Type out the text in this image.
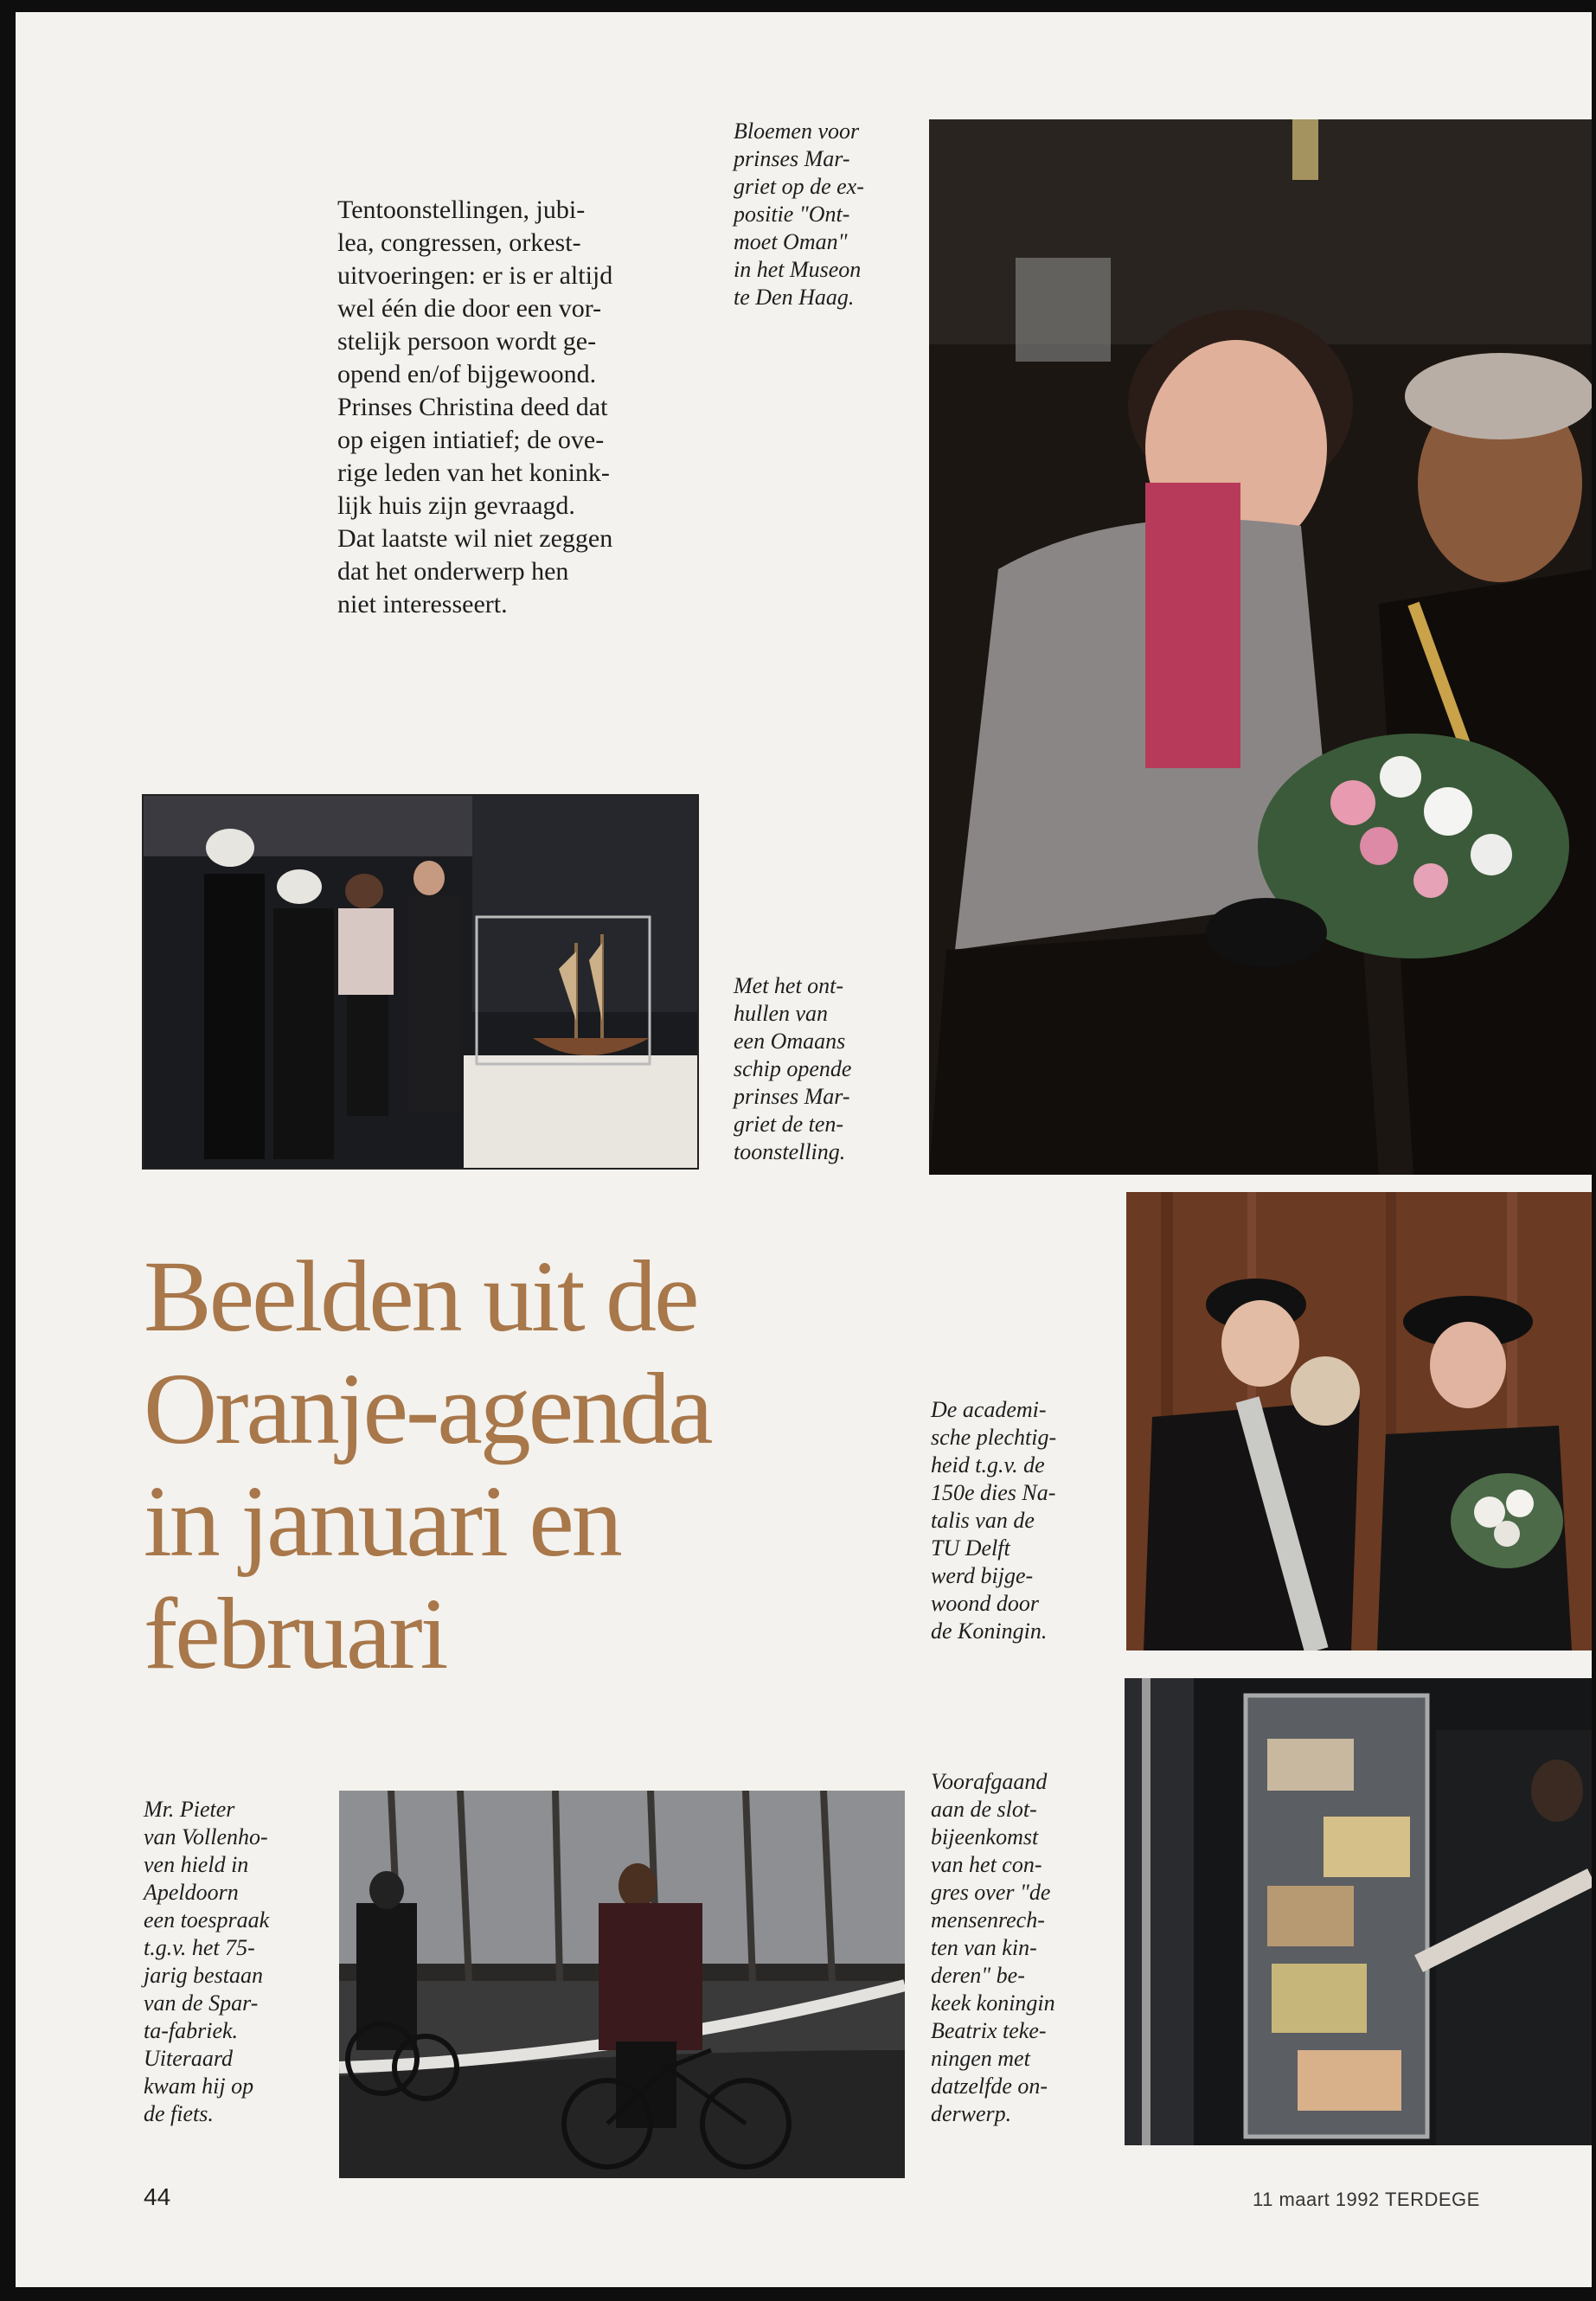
Tentoonstellingen, jubi-
lea, congressen, orkest-
uitvoeringen: er is er altijd
wel één die door een vor-
stelijk persoon wordt ge-
opend en/of bijgewoond.
Prinses Christina deed dat
op eigen intiatief; de ove-
rige leden van het konink-
lijk huis zijn gevraagd.
Dat laatste wil niet zeggen
dat het onderwerp hen
niet interesseert.
Bloemen voor
prinses Mar-
griet op de ex-
positie "Ont-
moet Oman"
in het Museon
te Den Haag.
Met het ont-
hullen van
een Omaans
schip opende
prinses Mar-
griet de ten-
toonstelling.
Beelden uit de
Oranje-agenda
in januari en
februari
De academi-
sche plechtig-
heid t.g.v. de
150e dies Na-
talis van de
TU Delft
werd bijge-
woond door
de Koningin.
Voorafgaand
aan de slot-
bijeenkomst
van het con-
gres over "de
mensenrech-
ten van kin-
deren" be-
keek koningin
Beatrix teke-
ningen met
datzelfde on-
derwerp.
Mr. Pieter
van Vollenho-
ven hield in
Apeldoorn
een toespraak
t.g.v. het 75-
jarig bestaan
van de Spar-
ta-fabriek.
Uiteraard
kwam hij op
de fiets.
44	11 maart 1992 TERDEGE
